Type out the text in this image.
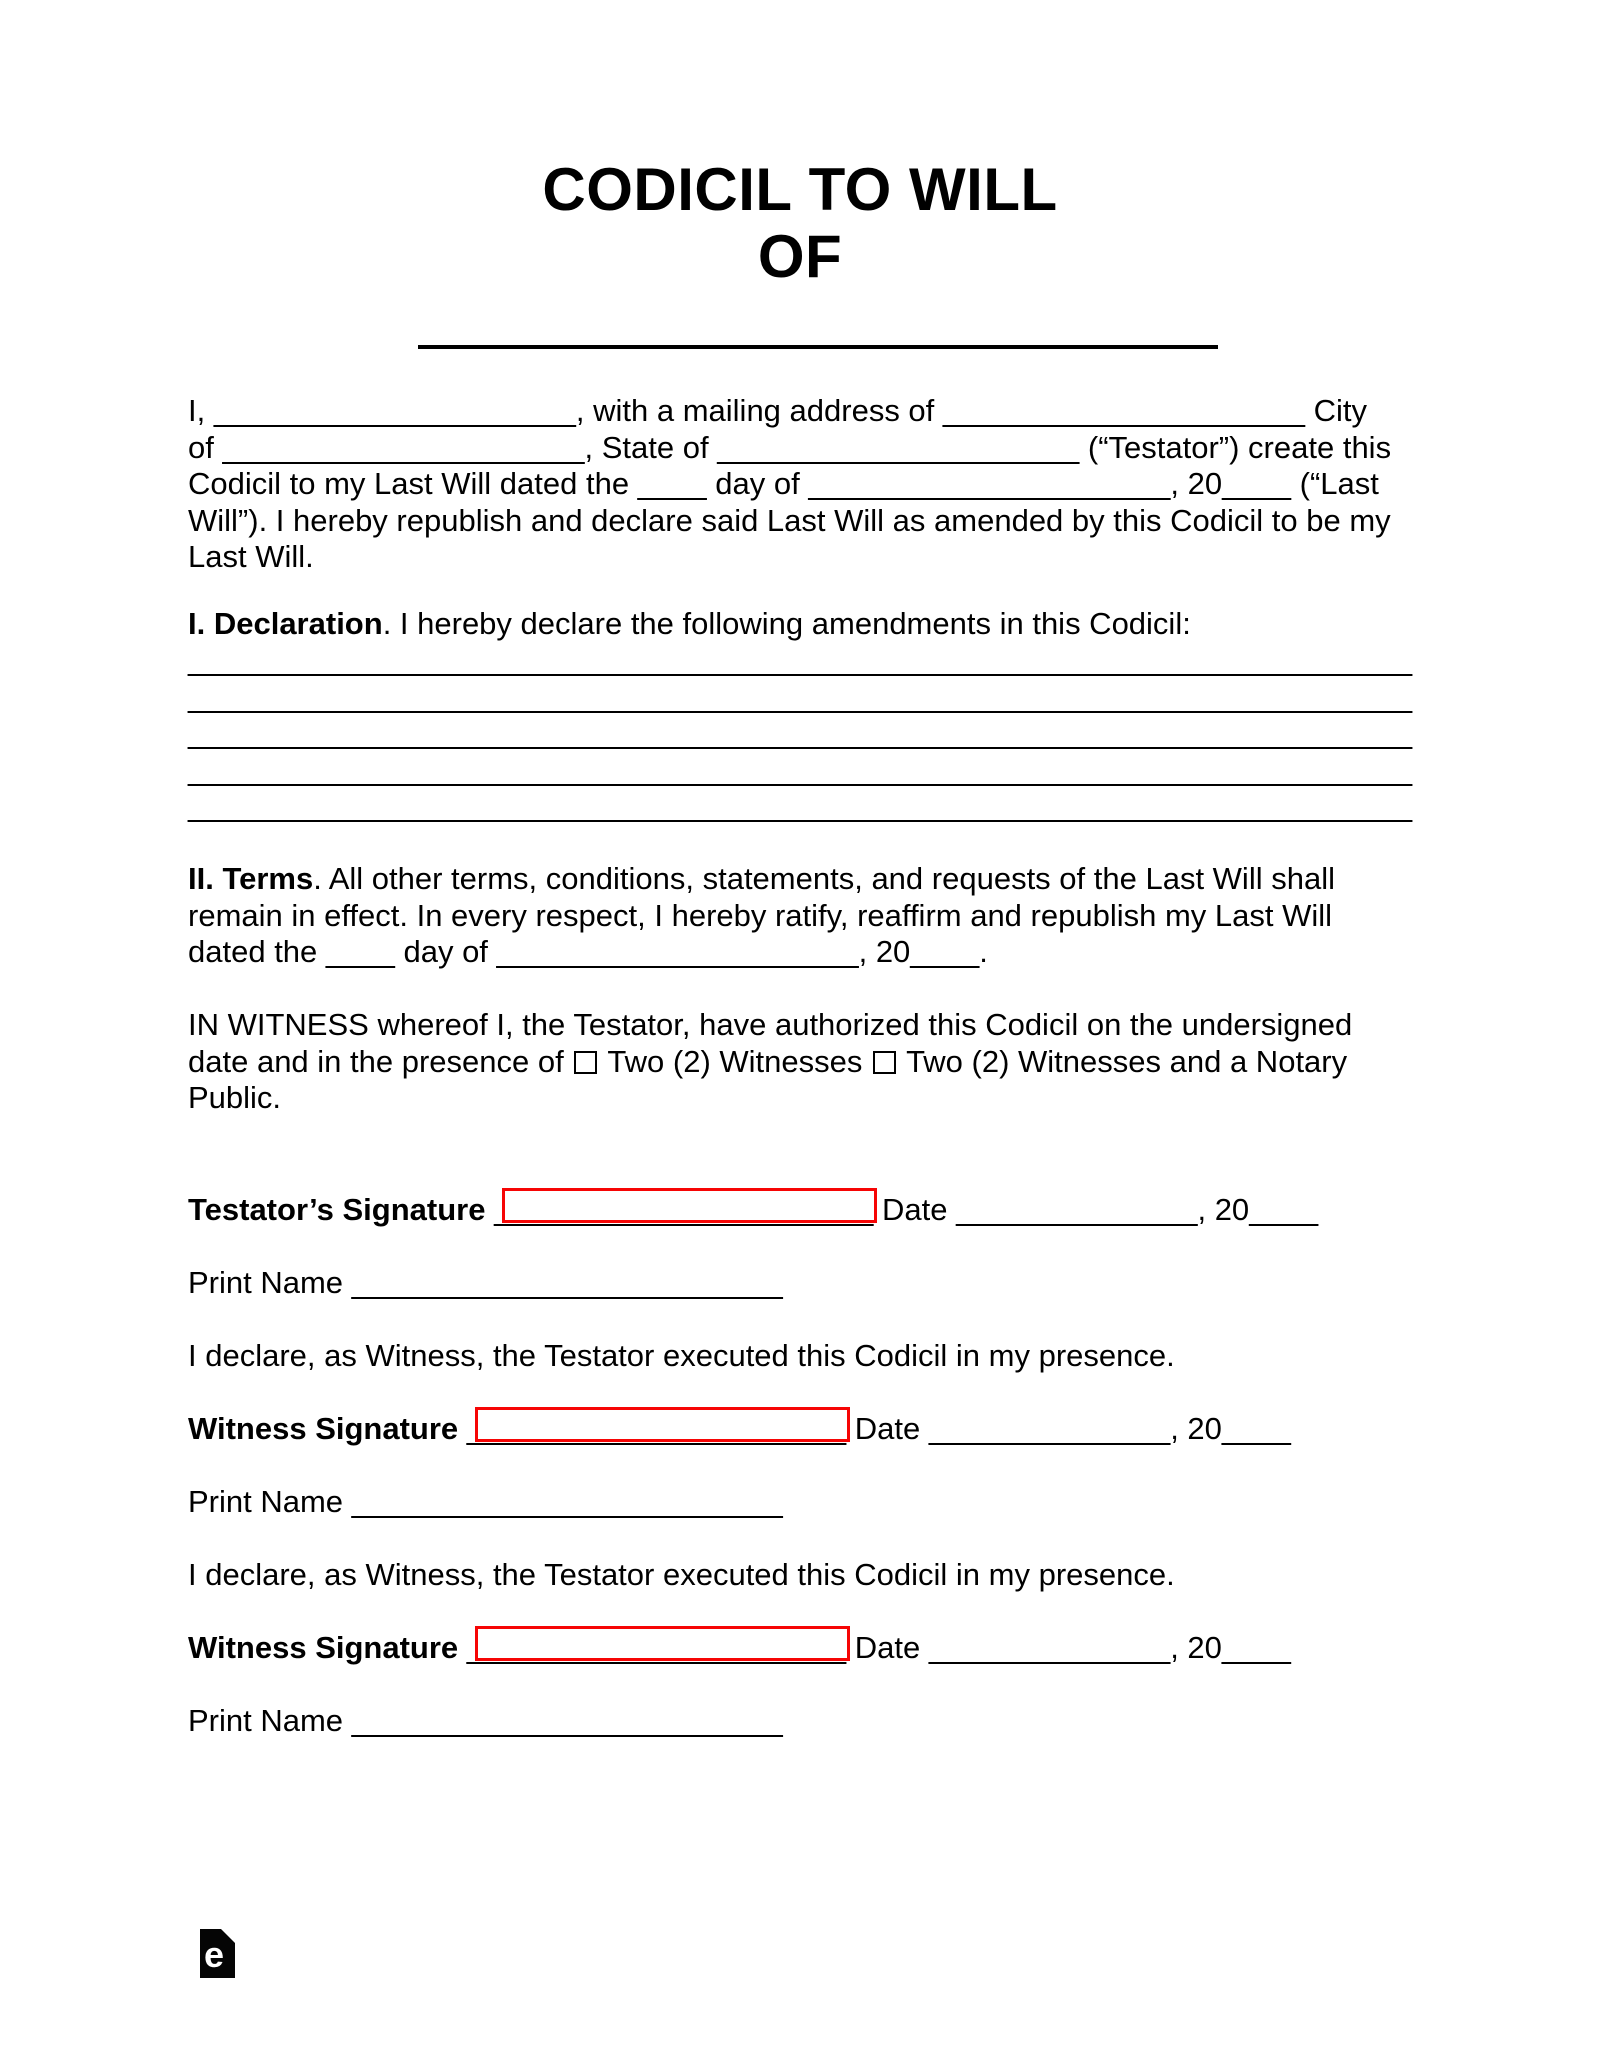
CODICIL TO WILL
OF
I, _____________________, with a mailing address of _____________________ City
of _____________________, State of _____________________ (“Testator”) create this
Codicil to my Last Will dated the ____ day of _____________________, 20____ (“Last
Will”). I hereby republish and declare said Last Will as amended by this Codicil to be my
Last Will.
I. Declaration. I hereby declare the following amendments in this Codicil:
_______________________________________________________________________
_______________________________________________________________________
_______________________________________________________________________
_______________________________________________________________________
_______________________________________________________________________
II. Terms. All other terms, conditions, statements, and requests of the Last Will shall
remain in effect. In every respect, I hereby ratify, reaffirm and republish my Last Will
dated the ____ day of _____________________, 20____.
IN WITNESS whereof I, the Testator, have authorized this Codicil on the undersigned
date and in the presence of Two (2) Witnesses Two (2) Witnesses and a Notary
Public.
Testator’s Signature ______________________ Date ______________, 20____
Print Name _________________________
I declare, as Witness, the Testator executed this Codicil in my presence.
Witness Signature ______________________ Date ______________, 20____
Print Name _________________________
I declare, as Witness, the Testator executed this Codicil in my presence.
Witness Signature ______________________ Date ______________, 20____
Print Name _________________________
e
